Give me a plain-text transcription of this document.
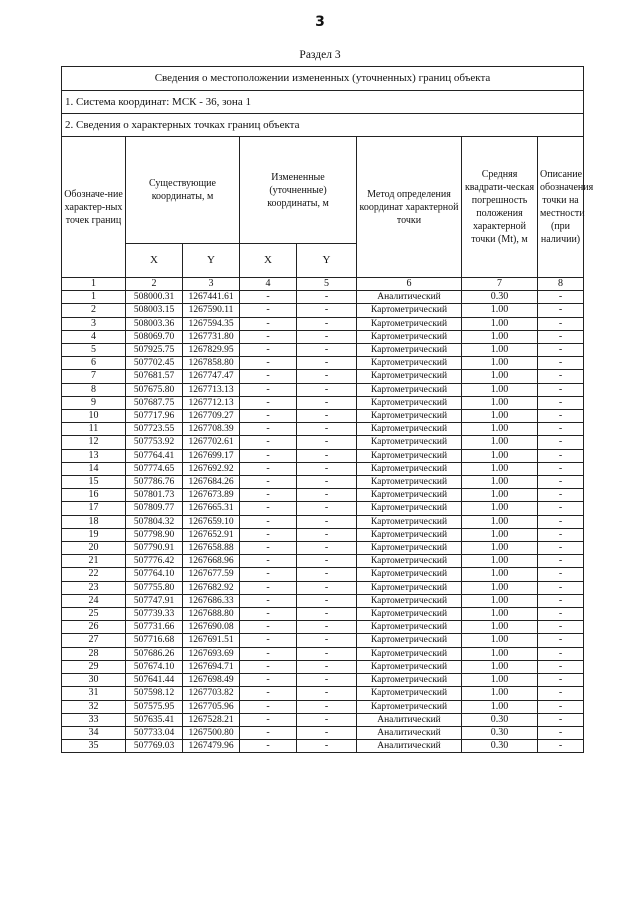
3
Раздел 3
Сведения о местоположении измененных (уточненных) границ объекта							
1. Система координат: МСК - 36, зона 1							
2. Сведения о характерных точках границ объекта							
Обозначе-ние характер-ных точек границ	Существующие координаты, м		Измененные (уточненные) координаты, м		Метод определения координат характерной точки	Средняя квадрати-ческая погрешность положения характерной точки (Mt), м	Описание обозначения точки на местности (при наличии)
	X	Y	X	Y			
1	2	3	4	5	6	7	8
1	508000.31	1267441.61	-	-	Аналитический	0.30	-
2	508003.15	1267590.11	-	-	Картометрический	1.00	-
3	508003.36	1267594.35	-	-	Картометрический	1.00	-
4	508069.70	1267731.80	-	-	Картометрический	1.00	-
5	507925.75	1267829.95	-	-	Картометрический	1.00	-
6	507702.45	1267858.80	-	-	Картометрический	1.00	-
7	507681.57	1267747.47	-	-	Картометрический	1.00	-
8	507675.80	1267713.13	-	-	Картометрический	1.00	-
9	507687.75	1267712.13	-	-	Картометрический	1.00	-
10	507717.96	1267709.27	-	-	Картометрический	1.00	-
11	507723.55	1267708.39	-	-	Картометрический	1.00	-
12	507753.92	1267702.61	-	-	Картометрический	1.00	-
13	507764.41	1267699.17	-	-	Картометрический	1.00	-
14	507774.65	1267692.92	-	-	Картометрический	1.00	-
15	507786.76	1267684.26	-	-	Картометрический	1.00	-
16	507801.73	1267673.89	-	-	Картометрический	1.00	-
17	507809.77	1267665.31	-	-	Картометрический	1.00	-
18	507804.32	1267659.10	-	-	Картометрический	1.00	-
19	507798.90	1267652.91	-	-	Картометрический	1.00	-
20	507790.91	1267658.88	-	-	Картометрический	1.00	-
21	507776.42	1267668.96	-	-	Картометрический	1.00	-
22	507764.10	1267677.59	-	-	Картометрический	1.00	-
23	507755.80	1267682.92	-	-	Картометрический	1.00	-
24	507747.91	1267686.33	-	-	Картометрический	1.00	-
25	507739.33	1267688.80	-	-	Картометрический	1.00	-
26	507731.66	1267690.08	-	-	Картометрический	1.00	-
27	507716.68	1267691.51	-	-	Картометрический	1.00	-
28	507686.26	1267693.69	-	-	Картометрический	1.00	-
29	507674.10	1267694.71	-	-	Картометрический	1.00	-
30	507641.44	1267698.49	-	-	Картометрический	1.00	-
31	507598.12	1267703.82	-	-	Картометрический	1.00	-
32	507575.95	1267705.96	-	-	Картометрический	1.00	-
33	507635.41	1267528.21	-	-	Аналитический	0.30	-
34	507733.04	1267500.80	-	-	Аналитический	0.30	-
35	507769.03	1267479.96	-	-	Аналитический	0.30	-
